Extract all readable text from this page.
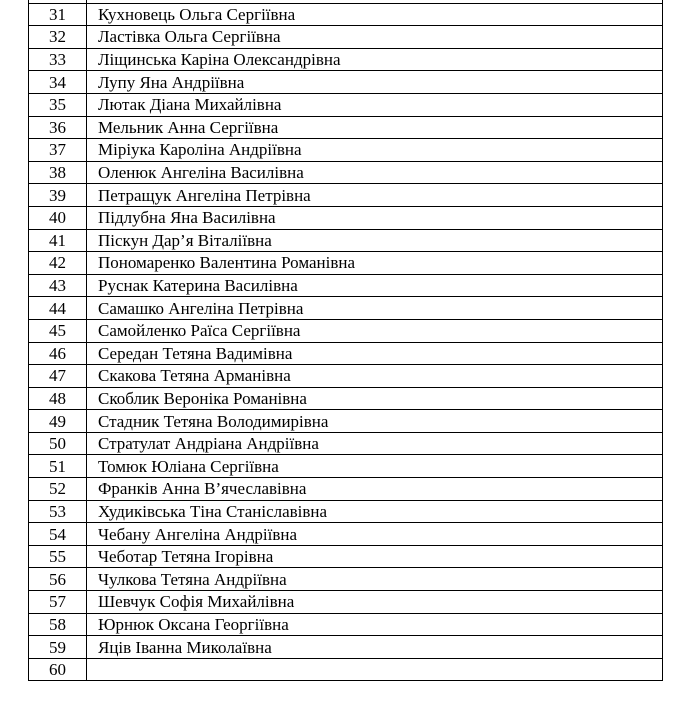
31	Кухновець Ольга Сергіївна
32	Ластівка Ольга Сергіївна
33	Ліщинська Каріна Олександрівна
34	Лупу Яна Андріївна
35	Лютак Діана Михайлівна
36	Мельник Анна Сергіївна
37	Міріука Кароліна Андріївна
38	Оленюк Ангеліна Василівна
39	Петращук Ангеліна Петрівна
40	Підлубна Яна Василівна
41	Піскун Дар’я Віталіївна
42	Пономаренко Валентина Романівна
43	Руснак Катерина Василівна
44	Самашко Ангеліна Петрівна
45	Самойленко Раїса Сергіївна
46	Середан Тетяна Вадимівна
47	Скакова Тетяна Арманівна
48	Скоблик Вероніка Романівна
49	Стадник Тетяна Володимирівна
50	Стратулат Андріана Андріївна
51	Томюк Юліана Сергіївна
52	Франків Анна В’ячеславівна
53	Худиківська Тіна Станіславівна
54	Чебану Ангеліна Андріївна
55	Чеботар Тетяна Ігорівна
56	Чулкова Тетяна Андріївна
57	Шевчук Софія Михайлівна
58	Юрнюк Оксана Георгіївна
59	Яців Іванна Миколаївна
60	
